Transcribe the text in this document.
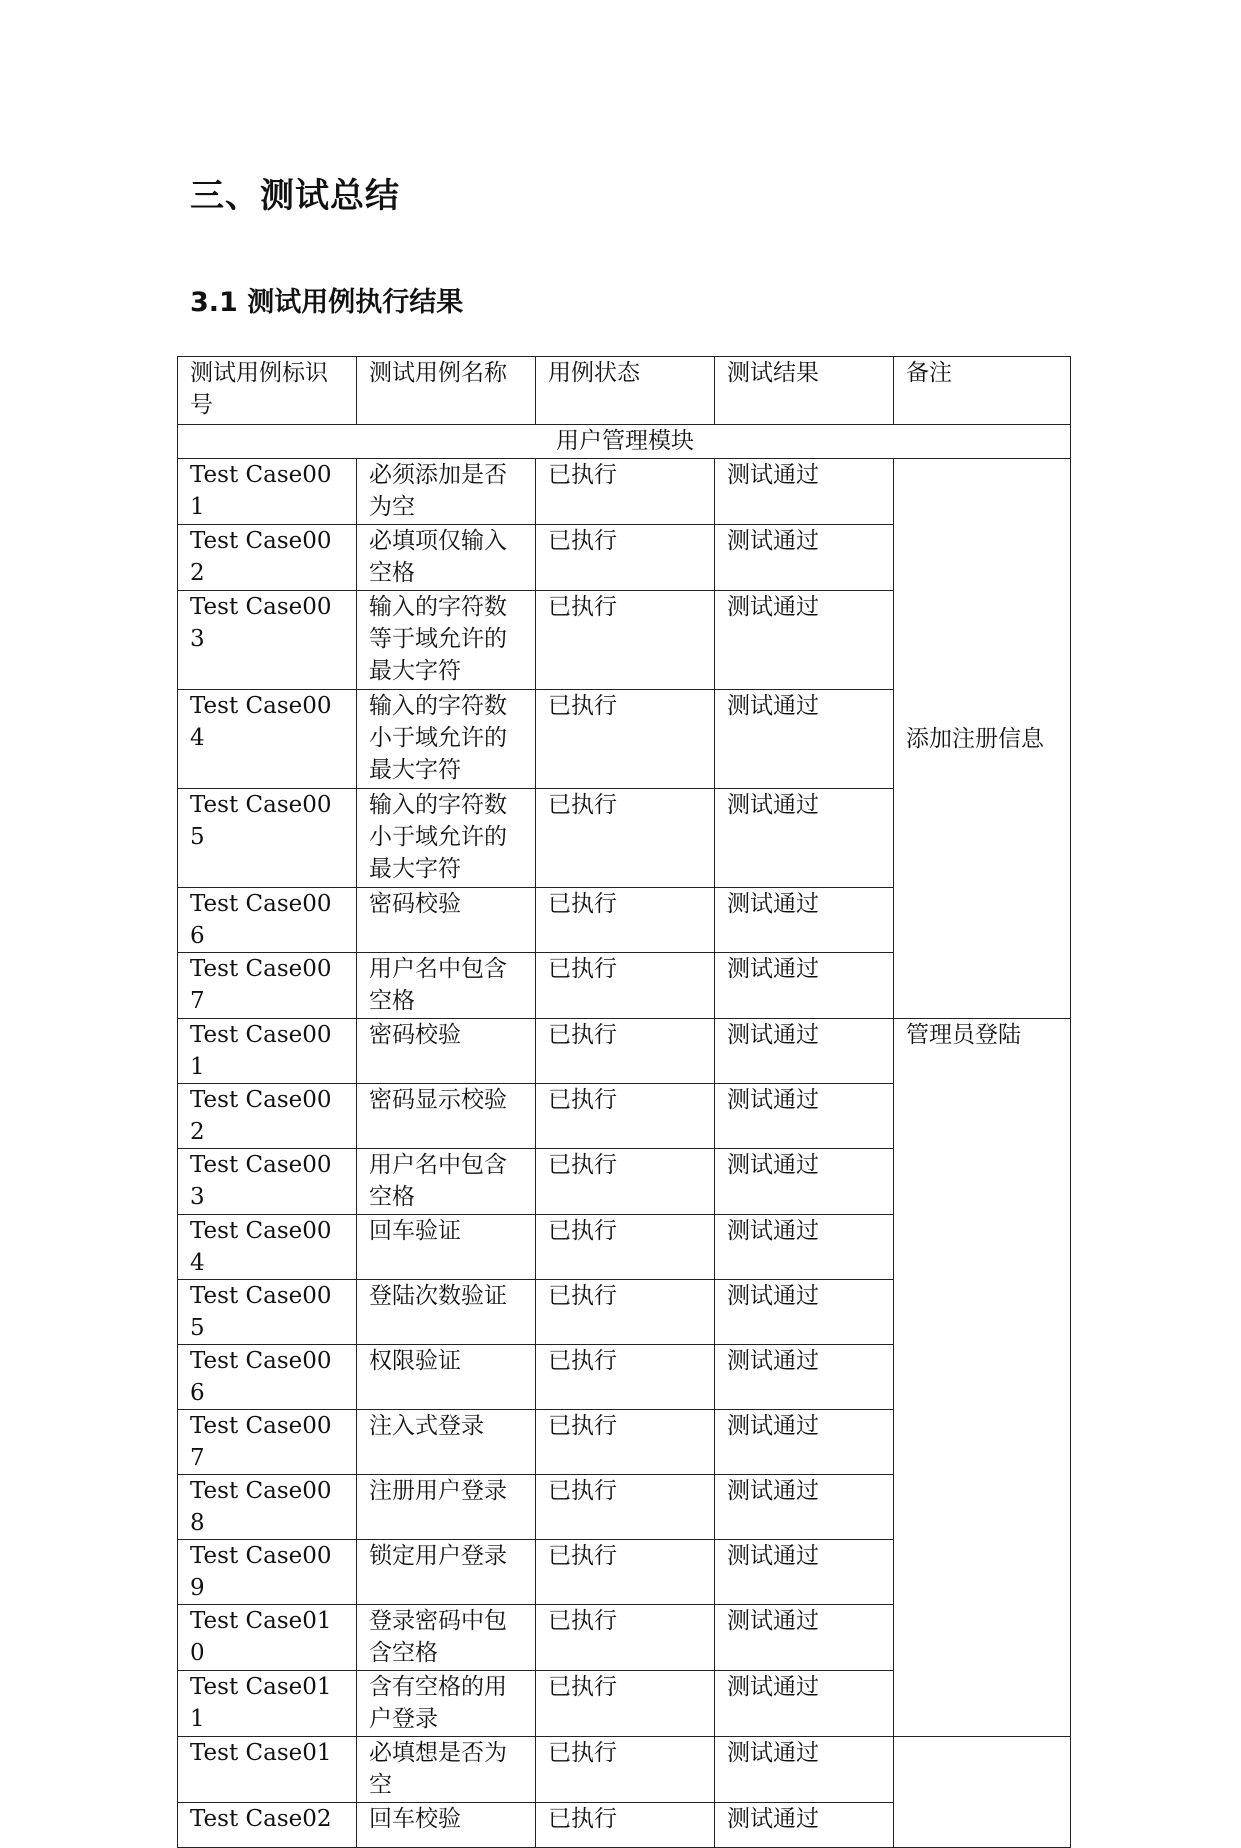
三、测试总结
3.1 测试用例执行结果
测试用例标识号	测试用例名称	用例状态	测试结果	备注
用户管理模块				
Test Case001	必须添加是否为空	已执行	测试通过	添加注册信息
Test Case002	必填项仅输入空格	已执行	测试通过	
Test Case003	输入的字符数等于域允许的最大字符	已执行	测试通过	
Test Case004	输入的字符数小于域允许的最大字符	已执行	测试通过	
Test Case005	输入的字符数小于域允许的最大字符	已执行	测试通过	
Test Case006	密码校验	已执行	测试通过	
Test Case007	用户名中包含空格	已执行	测试通过	
Test Case001	密码校验	已执行	测试通过	管理员登陆
Test Case002	密码显示校验	已执行	测试通过	
Test Case003	用户名中包含空格	已执行	测试通过	
Test Case004	回车验证	已执行	测试通过	
Test Case005	登陆次数验证	已执行	测试通过	
Test Case006	权限验证	已执行	测试通过	
Test Case007	注入式登录	已执行	测试通过	
Test Case008	注册用户登录	已执行	测试通过	
Test Case009	锁定用户登录	已执行	测试通过	
Test Case010	登录密码中包含空格	已执行	测试通过	
Test Case011	含有空格的用户登录	已执行	测试通过	
Test Case01	必填想是否为空	已执行	测试通过	
Test Case02	回车校验	已执行	测试通过	
